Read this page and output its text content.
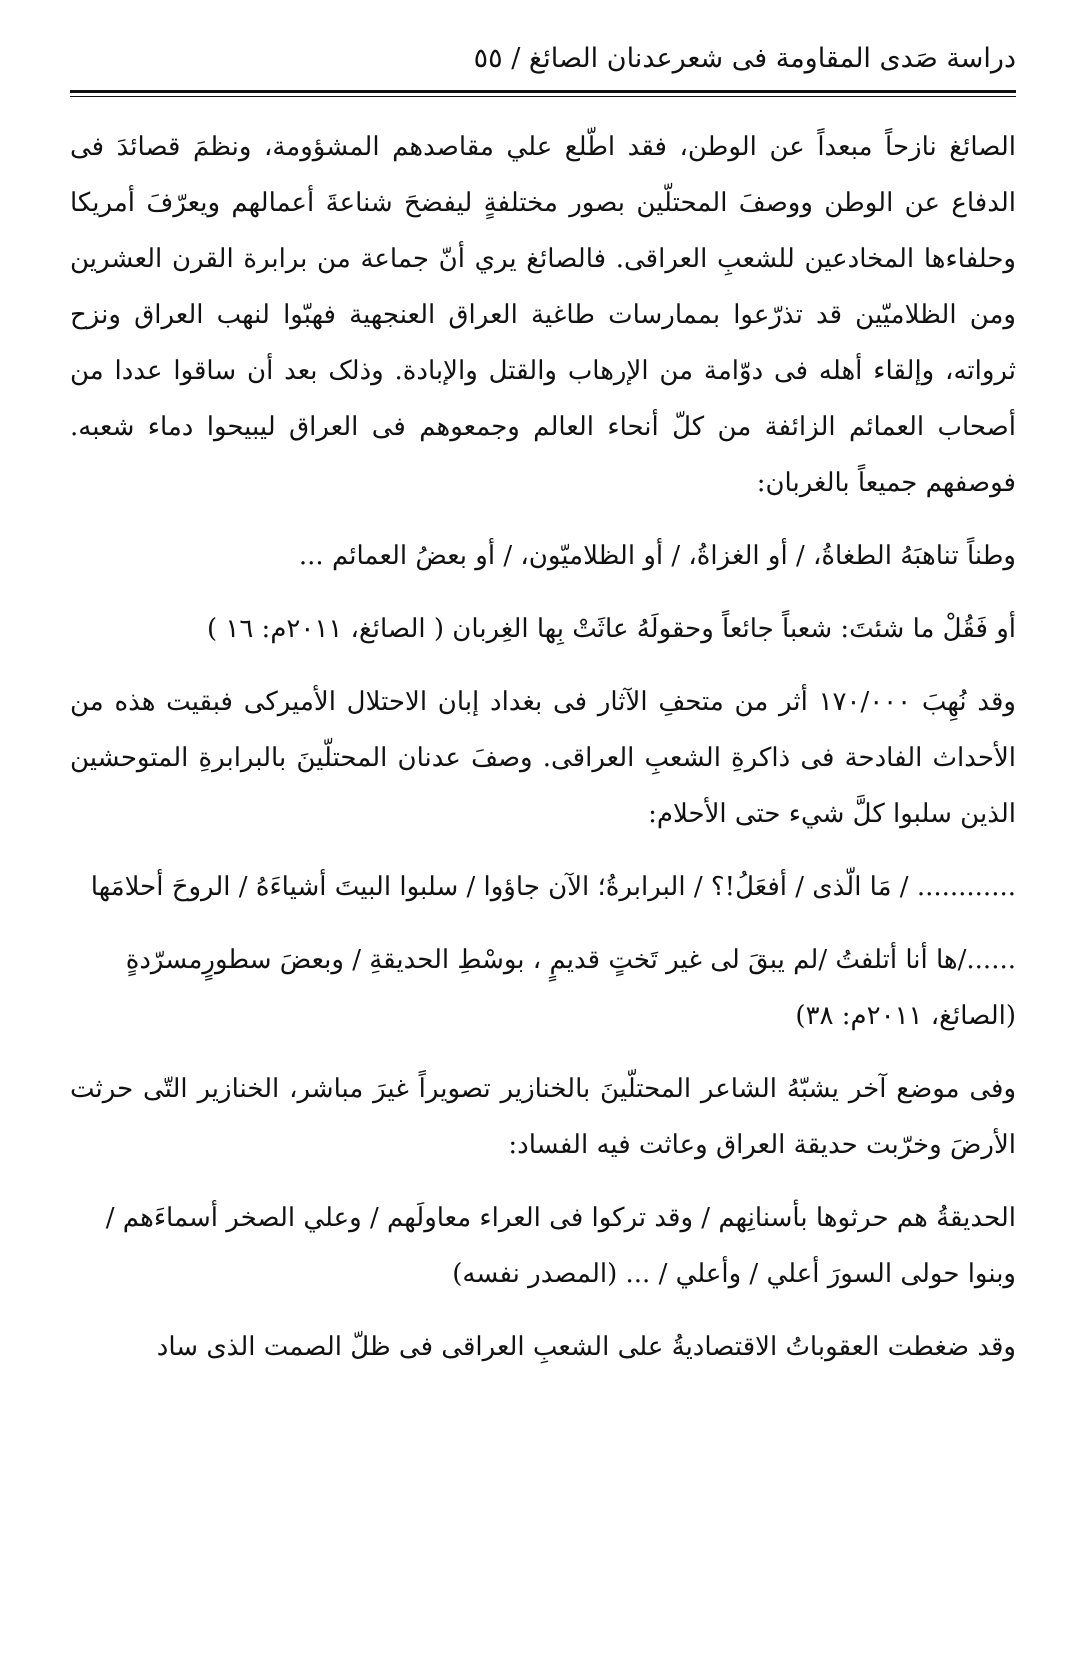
دراسة صَدى المقاومة فى شعرعدنان الصائغ / ٥٥

الصائغ نازحاً مبعداً عن الوطن، فقد اطّلع علي مقاصدهم المشؤومة، ونظمَ قصائدَ فى الدفاع عن الوطن ووصفَ المحتلّين بصور مختلفةٍ ليفضحَ شناعةَ أعمالهم ويعرّفَ أمريكا وحلفاءها المخادعين للشعبِ العراقى. فالصائغ يري أنّ جماعة من برابرة القرن العشرين ومن الظلاميّين قد تذرّعوا بممارسات طاغية العراق العنجهية فهبّوا لنهب العراق ونزح ثرواته، وإلقاء أهله فى دوّامة من الإرهاب والقتل والإبادة. وذلک بعد أن ساقوا عددا من أصحاب العمائم الزائفة من كلّ أنحاء العالم وجمعوهم فى العراق ليبيحوا دماء شعبه. فوصفهم جميعاً بالغربان:

وطناً تناهبَهُ الطغاةُ، / أو الغزاةُ، / أو الظلاميّون، / أو بعضُ العمائم ...

أو فَقُلْ ما شئتَ: شعباً جائعاً وحقولَهُ عاثَتْ بِها الغِربان ( الصائغ، ٢٠١١م: ١٦ )

وقد نُهِبَ ١٧٠/٠٠٠ أثر من متحفِ الآثار فى بغداد إبان الاحتلال الأميركى فبقيت هذه من الأحداث الفادحة فى ذاكرةِ الشعبِ العراقى. وصفَ عدنان المحتلّينَ بالبرابرةِ المتوحشين الذين سلبوا كلَّ شيء حتى الأحلام:

............ / مَا الّذى / أفعَلُ!؟ / البرابرةُ؛ الآن جاؤوا / سلبوا البيتَ أشياءَهُ / الروحَ أحلامَها

....../ها أنا أتلفتُ /لم يبقَ لى غير تَختٍ قديمٍ ، بوسْطِ الحديقةِ / وبعضَ سطورٍمسرّدةٍ (الصائغ، ٢٠١١م: ٣٨)

وفى موضع آخر يشبّهُ الشاعر المحتلّينَ بالخنازير تصويراً غيرَ مباشر، الخنازير التّى حرثت الأرضَ وخرّبت حديقة العراق وعاثت فيه الفساد:

الحديقةُ هم حرثوها بأسنانِهم / وقد تركوا فى العراء معاولَهم / وعلي الصخر أسماءَهم / وبنوا حولى السورَ أعلي / وأعلي / ... (المصدر نفسه)

وقد ضغطت العقوباتُ الاقتصاديةُ على الشعبِ العراقى فى ظلّ الصمت الذى ساد
